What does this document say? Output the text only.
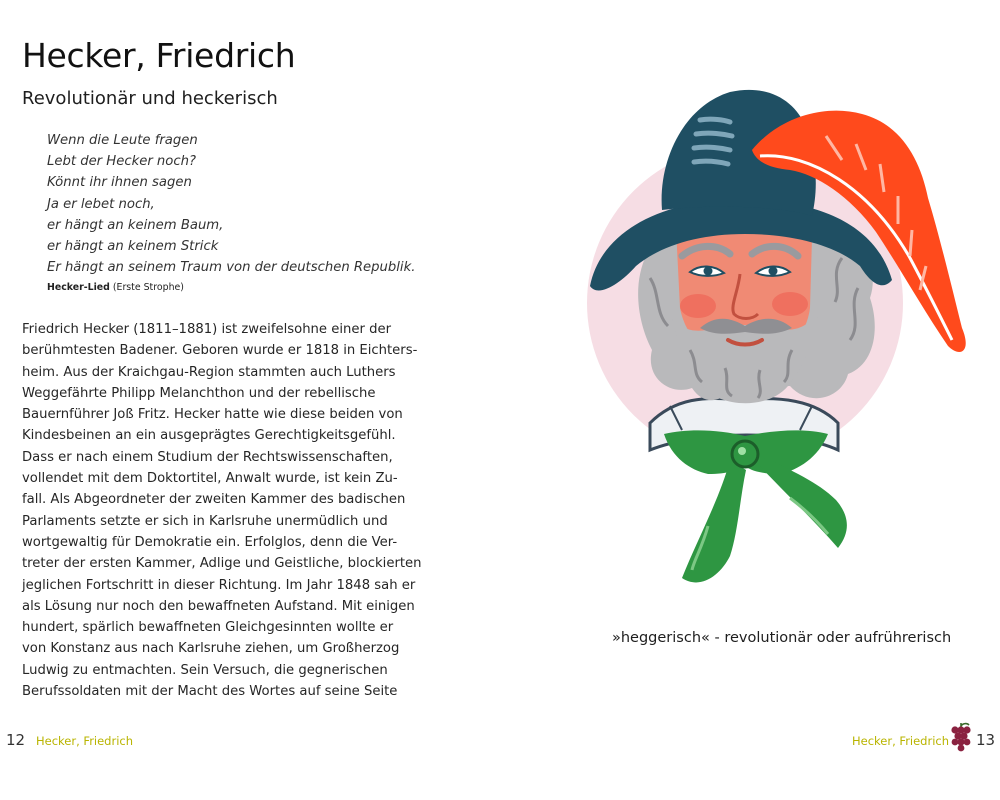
Hecker, Friedrich
Revolutionär und heckerisch
Wenn die Leute fragen
Lebt der Hecker noch?
Könnt ihr ihnen sagen
Ja er lebet noch,
er hängt an keinem Baum,
er hängt an keinem Strick
Er hängt an seinem Traum von der deutschen Republik.
Hecker-Lied (Erste Strophe)
Friedrich Hecker (1811–1881) ist zweifelsohne einer der
berühmtesten Badener. Geboren wurde er 1818 in Eichters-
heim. Aus der Kraichgau-Region stammten auch Luthers
Weggefährte Philipp Melanchthon und der rebellische
Bauernführer Joß Fritz. Hecker hatte wie diese beiden von
Kindesbeinen an ein ausgeprägtes Gerechtigkeitsgefühl.
Dass er nach einem Studium der Rechtswissenschaften,
vollendet mit dem Doktortitel, Anwalt wurde, ist kein Zu-
fall. Als Abgeordneter der zweiten Kammer des badischen
Parlaments setzte er sich in Karlsruhe unermüdlich und
wortgewaltig für Demokratie ein. Erfolglos, denn die Ver-
treter der ersten Kammer, Adlige und Geistliche, blockierten
jeglichen Fortschritt in dieser Richtung. Im Jahr 1848 sah er
als Lösung nur noch den bewaffneten Aufstand. Mit einigen
hundert, spärlich bewaffneten Gleichgesinnten wollte er
von Konstanz aus nach Karlsruhe ziehen, um Großherzog
Ludwig zu entmachten. Sein Versuch, die gegnerischen
Berufssoldaten mit der Macht des Wortes auf seine Seite
12 Hecker, Friedrich
»heggerisch« - revolutionär oder aufrührerisch
Hecker, Friedrich 13
